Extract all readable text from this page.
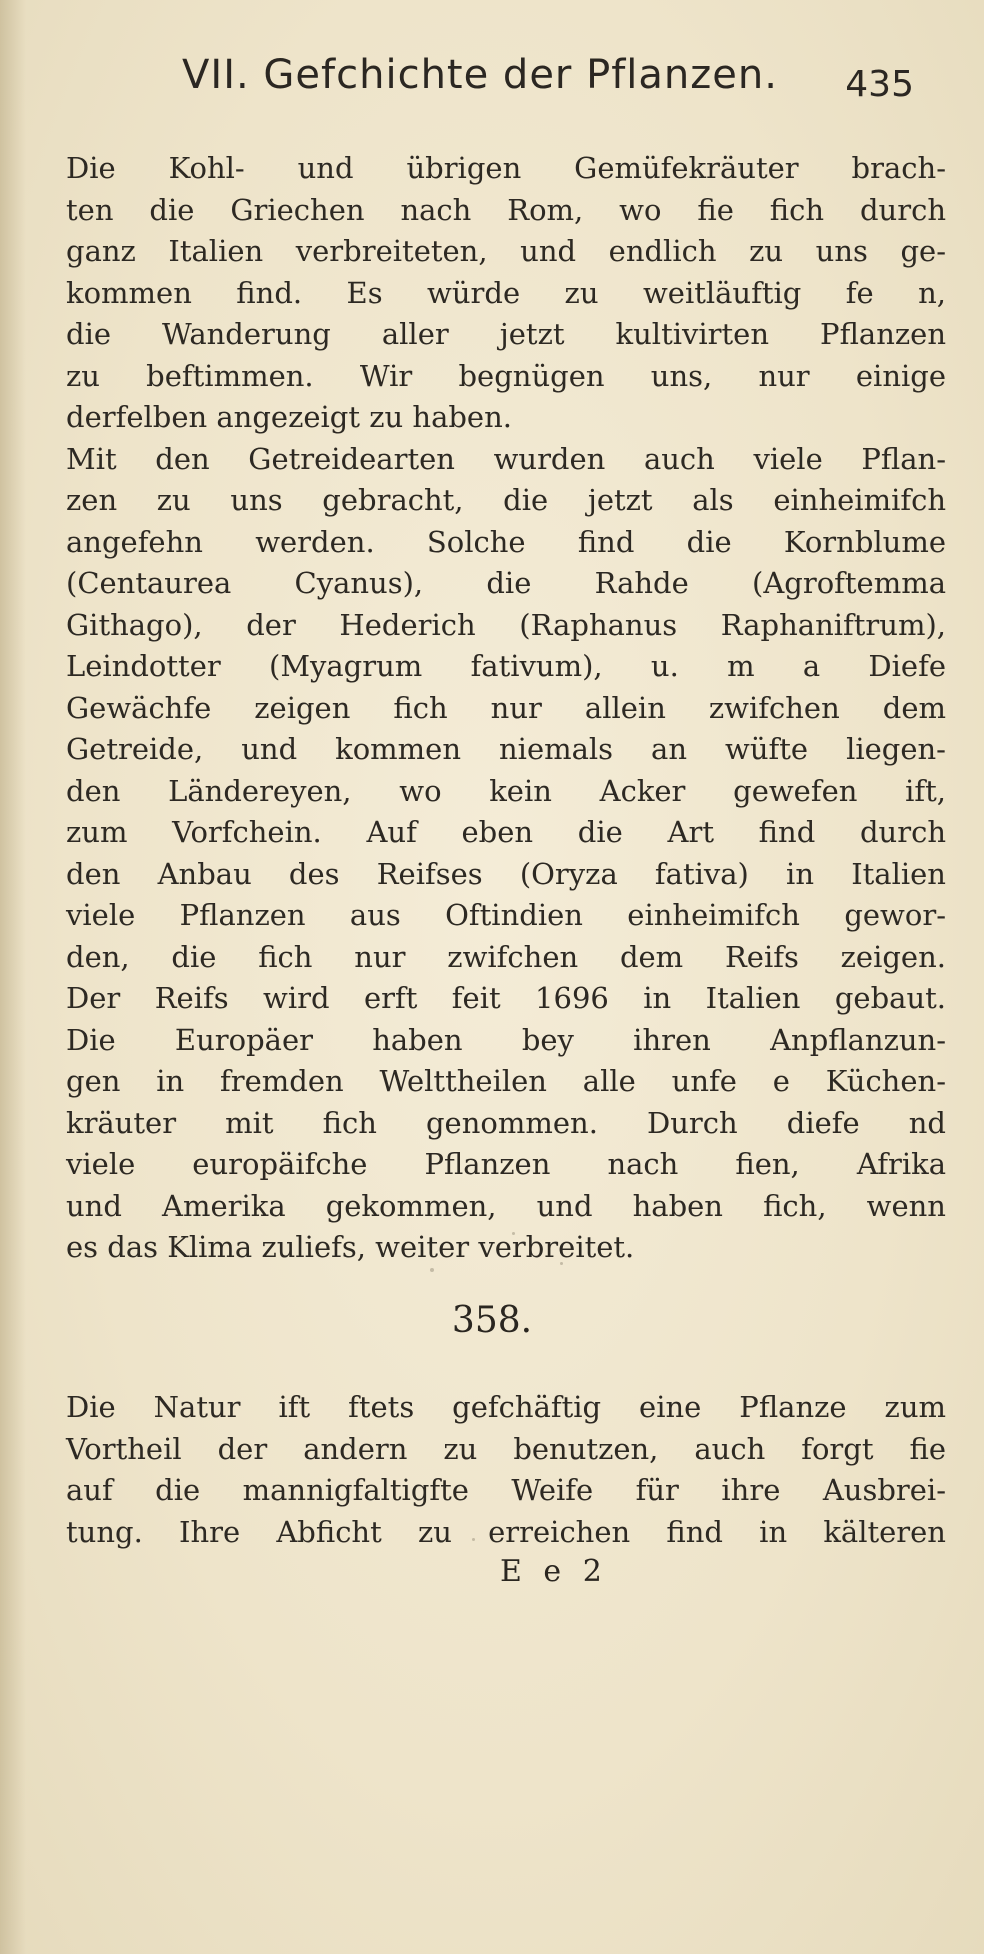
VII. Gefchichte der Pflanzen.	435
Die Kohl- und übrigen Gemüfekräuter brach-
ten die Griechen nach Rom, wo fie fich durch
ganz Italien verbreiteten, und endlich zu uns ge-
kommen find. Es würde zu weitläuftig fe n,
die Wanderung aller jetzt kultivirten Pflanzen
zu beftimmen. Wir begnügen uns, nur einige
derfelben angezeigt zu haben.
Mit den Getreidearten wurden auch viele Pflan-
zen zu uns gebracht, die jetzt als einheimifch
angefehn werden. Solche find die Kornblume
(Centaurea Cyanus), die Rahde (Agroftemma
Githago), der Hederich (Raphanus Raphaniftrum),
Leindotter (Myagrum fativum), u. m a Diefe
Gewächfe zeigen fich nur allein zwifchen dem
Getreide, und kommen niemals an wüfte liegen-
den Ländereyen, wo kein Acker gewefen ift,
zum Vorfchein. Auf eben die Art find durch
den Anbau des Reifses (Oryza fativa) in Italien
viele Pflanzen aus Oftindien einheimifch gewor-
den, die fich nur zwifchen dem Reifs zeigen.
Der Reifs wird erft feit 1696 in Italien gebaut.
Die Europäer haben bey ihren Anpflanzun-
gen in fremden Welttheilen alle unfe e Küchen-
kräuter mit fich genommen. Durch diefe nd
viele europäifche Pflanzen nach fien, Afrika
und Amerika gekommen, und haben fich, wenn
es das Klima zuliefs, weiter verbreitet.
358.
Die Natur ift ftets gefchäftig eine Pflanze zum
Vortheil der andern zu benutzen, auch forgt fie
auf die mannigfaltigfte Weife für ihre Ausbrei-
tung. Ihre Abficht zu erreichen find in kälteren
E e 2
